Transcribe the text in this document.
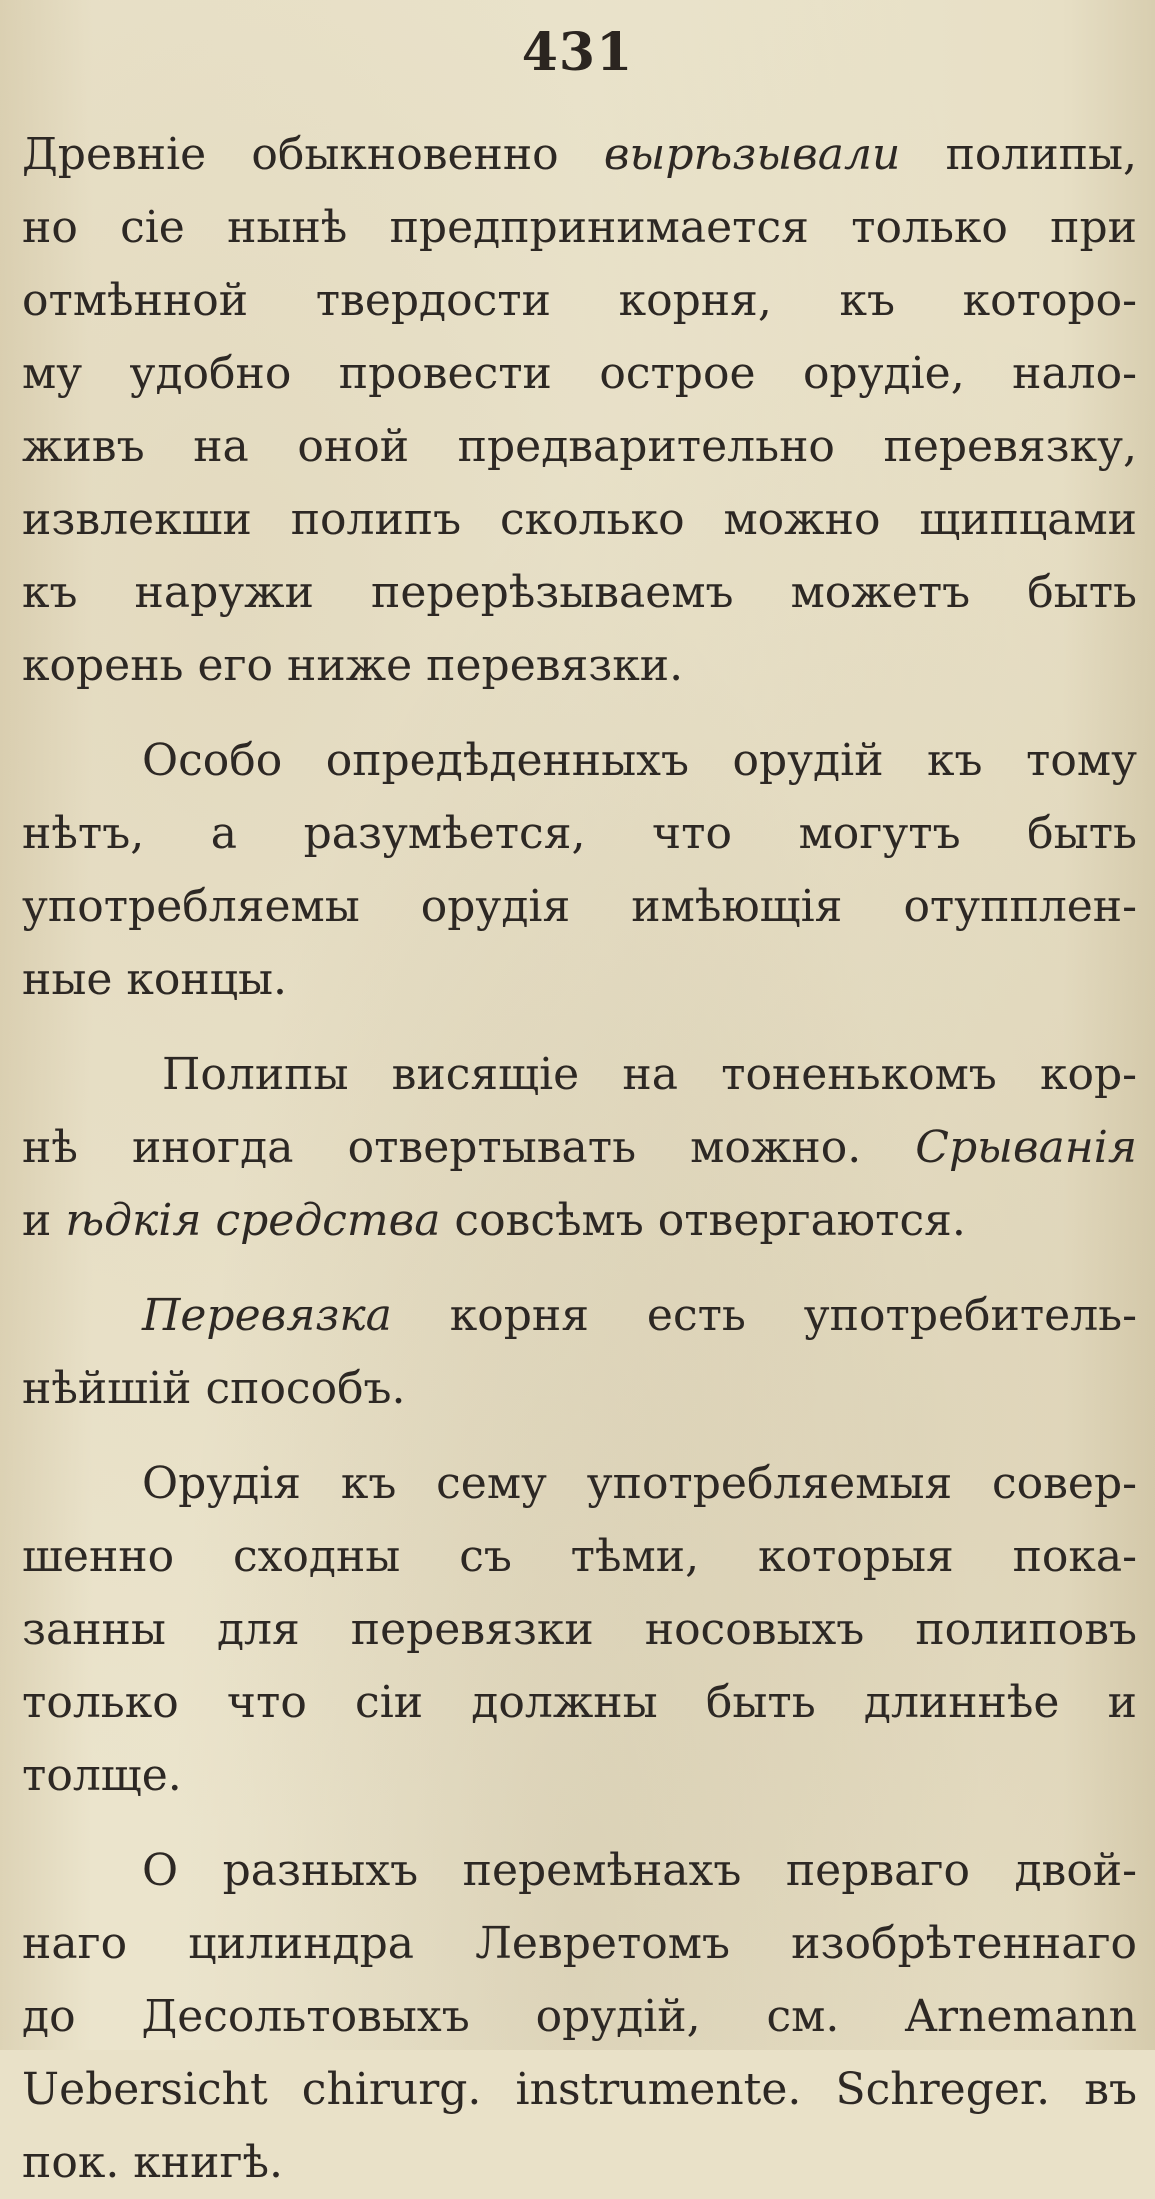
431
Древніе обыкновенно вырѣзывали полипы,
но сіе нынѣ предпринимается только при
отмѣнной твердости корня, къ которо-
му удобно провести острое орудіе, нало-
живъ на оной предварительно перевязку,
извлекши полипъ сколько можно щипцами
къ наружи перерѣзываемъ можетъ быть
корень его ниже перевязки.
Особо опредѣденныхъ орудій къ тому
нѣтъ, а разумѣется, что могутъ быть
употребляемы орудія имѣющія отупплен-
ные концы.
Полипы висящіе на тоненькомъ кор-
нѣ иногда отвертывать можно. Срыванія
и ѣдкія средства совсѣмъ отвергаются.
Перевязка корня есть употребитель-
нѣйшій способъ.
Орудія къ сему употребляемыя совер-
шенно сходны съ тѣми, которыя пока-
занны для перевязки носовыхъ полиповъ
только что сіи должны быть длиннѣе и
толще.
О разныхъ перемѣнахъ перваго двой-
наго цилиндра Левретомъ изобрѣтеннаго
до Десольтовыхъ орудій, см. Arnemann
Uebersicht chirurg. instrumente. Schreger. въ
пок. книгѣ.
